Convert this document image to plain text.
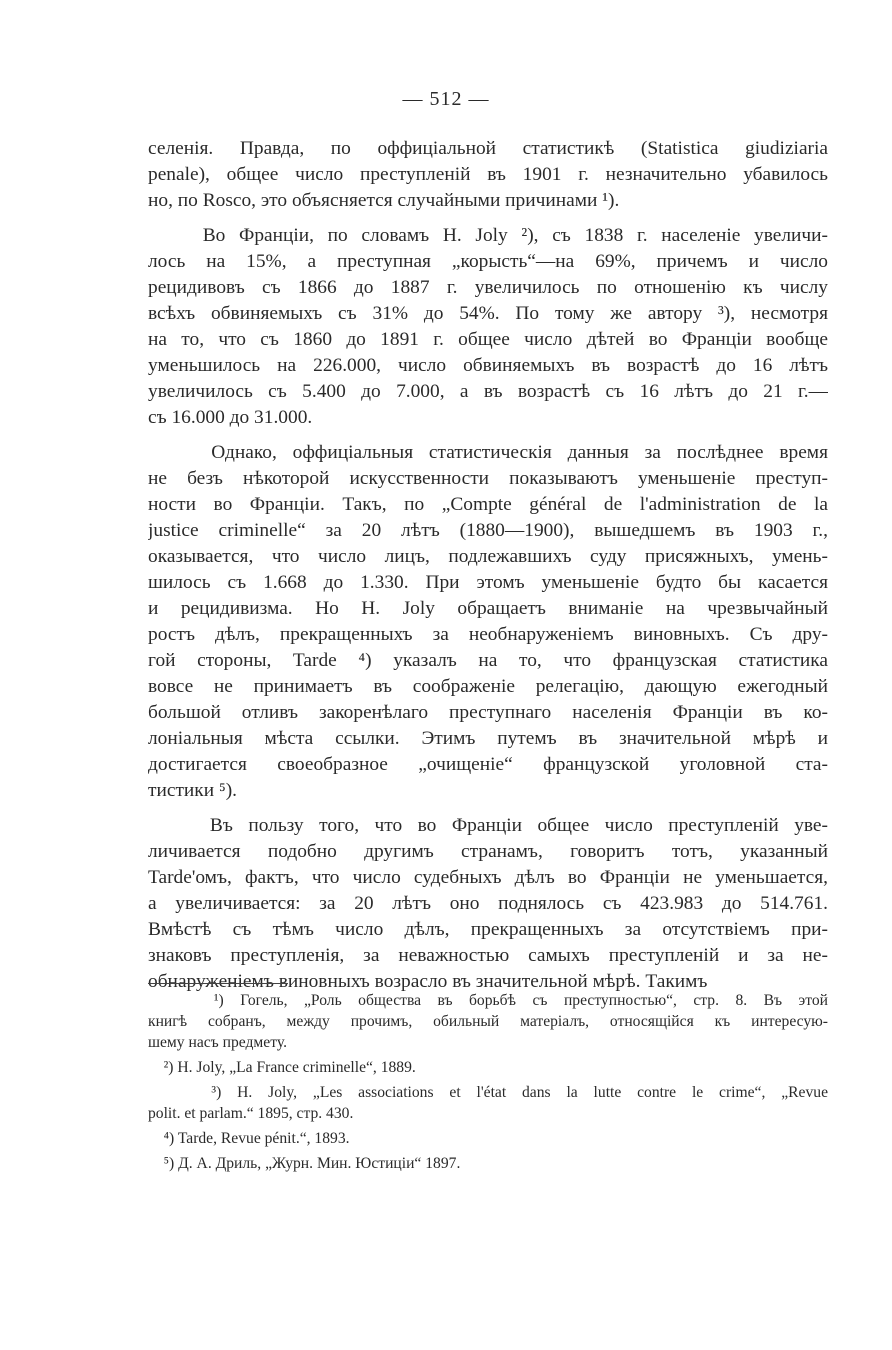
— 512 —
селенія. Правда, по оффиціальной статистикѣ (Statistica giudiziaria
penale), общее число преступленій въ 1901 г. незначительно убавилось
но, по Rosco, это объясняется случайными причинами ¹).
Во Франціи, по словамъ H. Joly ²), съ 1838 г. населеніе увеличи-
лось на 15%, а преступная „корысть“—на 69%, причемъ и число
рецидивовъ съ 1866 до 1887 г. увеличилось по отношенію къ числу
всѣхъ обвиняемыхъ съ 31% до 54%. По тому же автору ³), несмотря
на то, что съ 1860 до 1891 г. общее число дѣтей во Франціи вообще
уменьшилось на 226.000, число обвиняемыхъ въ возрастѣ до 16 лѣтъ
увеличилось съ 5.400 до 7.000, а въ возрастѣ съ 16 лѣтъ до 21 г.—
съ 16.000 до 31.000.
Однако, оффиціальныя статистическія данныя за послѣднее время
не безъ нѣкоторой искусственности показываютъ уменьшеніе преступ-
ности во Франціи. Такъ, по „Compte général de l'administration de la
justice criminelle“ за 20 лѣтъ (1880—1900), вышедшемъ въ 1903 г.,
оказывается, что число лицъ, подлежавшихъ суду присяжныхъ, умень-
шилось съ 1.668 до 1.330. При этомъ уменьшеніе будто бы касается
и рецидивизма. Но H. Joly обращаетъ вниманіе на чрезвычайный
ростъ дѣлъ, прекращенныхъ за необнаруженіемъ виновныхъ. Съ дру-
гой стороны, Tarde ⁴) указалъ на то, что французская статистика
вовсе не принимаетъ въ соображеніе релегацію, дающую ежегодный
большой отливъ закоренѣлаго преступнаго населенія Франціи въ ко-
лоніальныя мѣста ссылки. Этимъ путемъ въ значительной мѣрѣ и
достигается своеобразное „очищеніе“ французской уголовной ста-
тистики ⁵).
Въ пользу того, что во Франціи общее число преступленій уве-
личивается подобно другимъ странамъ, говоритъ тотъ, указанный
Tarde'омъ, фактъ, что число судебныхъ дѣлъ во Франціи не уменьшается,
а увеличивается: за 20 лѣтъ оно поднялось съ 423.983 до 514.761.
Вмѣстѣ съ тѣмъ число дѣлъ, прекращенныхъ за отсутствіемъ при-
знаковъ преступленія, за неважностью самыхъ преступленій и за не-
обнаруженіемъ виновныхъ возрасло въ значительной мѣрѣ. Такимъ
¹) Гогель, „Роль общества въ борьбѣ съ преступностью“, стр. 8. Въ этой
книгѣ собранъ, между прочимъ, обильный матеріалъ, относящійся къ интересую-
шему насъ предмету.
²) H. Joly, „La France criminelle“, 1889.
³) H. Joly, „Les associations et l'état dans la lutte contre le crime“, „Revue
polit. et parlam.“ 1895, стр. 430.
⁴) Tarde, Revue pénit.“, 1893.
⁵) Д. А. Дриль, „Журн. Мин. Юстиціи“ 1897.
